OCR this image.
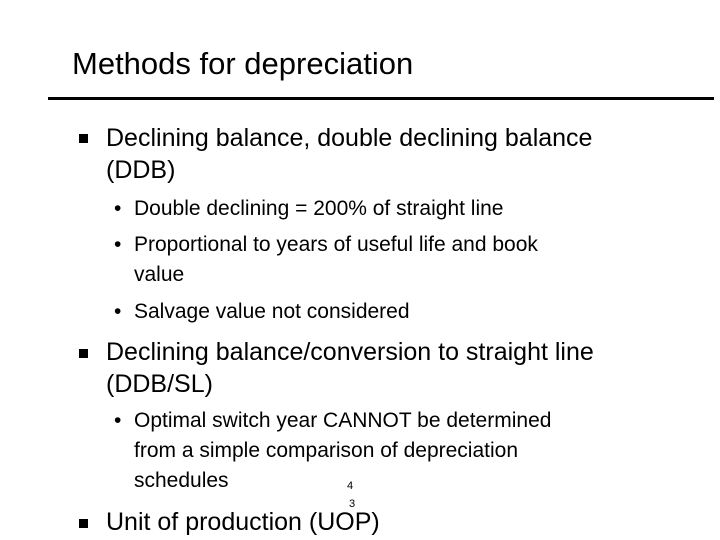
Methods for depreciation
Declining balance, double declining balance
(DDB)
• Double declining = 200% of straight line
• Proportional to years of useful life and book
value
• Salvage value not considered
Declining balance/conversion to straight line
(DDB/SL)
• Optimal switch year CANNOT be determined
from a simple comparison of depreciation
schedules	4
3
Unit of production (UOP)
